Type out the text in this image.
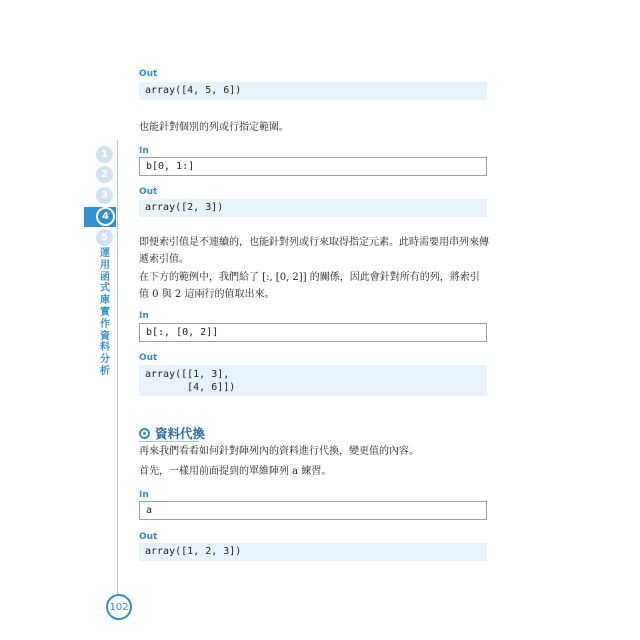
1
2
3
4
5
運用函式庫實作資料分析
102
Out
array([4, 5, 6])
也能針對個別的列或行指定範圍。
In
b[0, 1:]
Out
array([2, 3])
即便索引值是不連續的，也能針對列或行來取得指定元素。此時需要用串列來傳遞索引值。
在下方的範例中，我們給了 [:, [0, 2]] 的關係，因此會針對所有的列，將索引值 0 與 2 這兩行的值取出來。
In
b[:, [0, 2]]
Out
array([[1, 3],
[4, 6]])
資料代換
再來我們看看如何針對陣列內的資料進行代換，變更值的內容。
首先，一樣用前面提到的單維陣列 a 練習。
In
a
Out
array([1, 2, 3])
